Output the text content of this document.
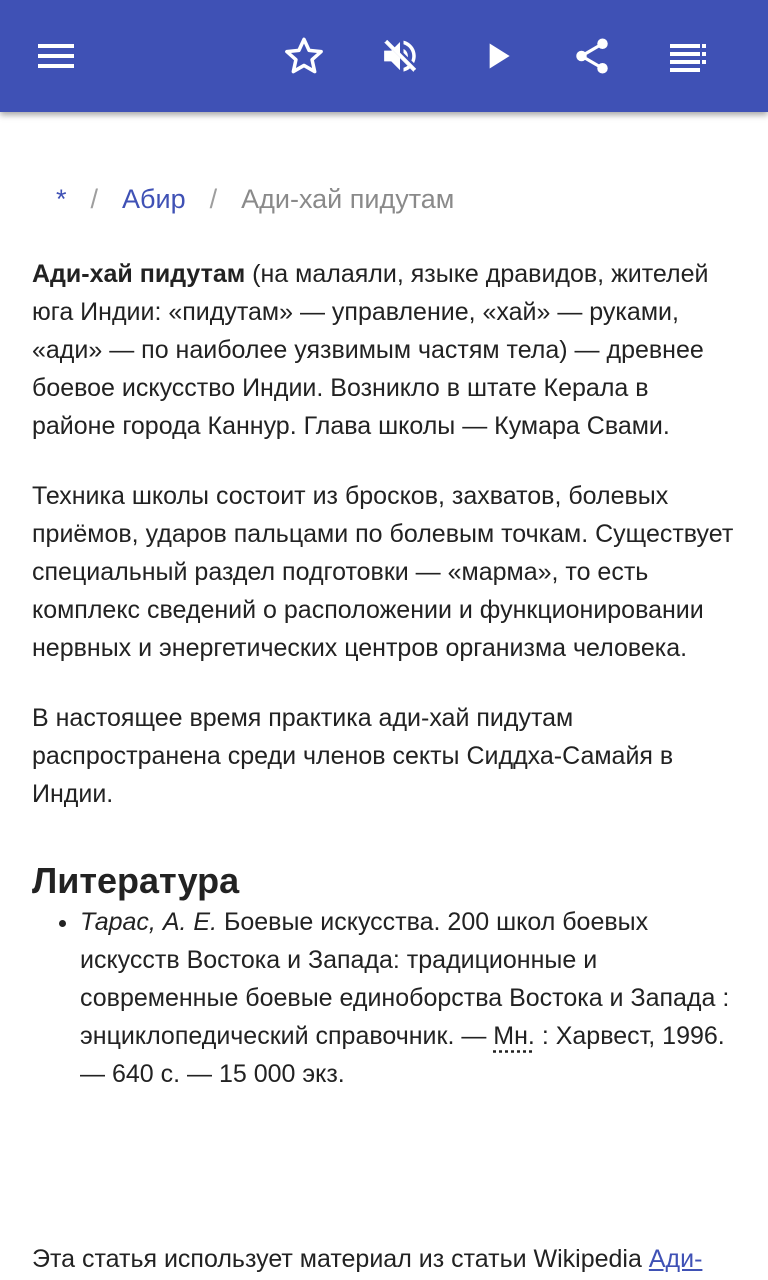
* / Абир / Ади-хай пидутам

Ади-хай пидутам (на малаяли, языке дравидов, жителей юга Индии: «пидутам» — управление, «хай» — руками, «ади» — по наиболее уязвимым частям тела) — древнее боевое искусство Индии. Возникло в штате Керала в районе города Каннур. Глава школы — Кумара Свами.

Техника школы состоит из бросков, захватов, болевых приёмов, ударов пальцами по болевым точкам. Существует специальный раздел подготовки — «марма», то есть комплекс сведений о расположении и функционировании нервных и энергетических центров организма человека.

В настоящее время практика ади-хай пидутам распространена среди членов секты Сиддха-Самайя в Индии.

Литература
• Тарас, А. Е. Боевые искусства. 200 школ боевых искусств Востока и Запада: традиционные и современные боевые единоборства Востока и Запада : энциклопедический справочник. — Мн. : Харвест, 1996. — 640 с. — 15 000 экз.
Эта статья использует материал из статьи Wikipedia Ади-
